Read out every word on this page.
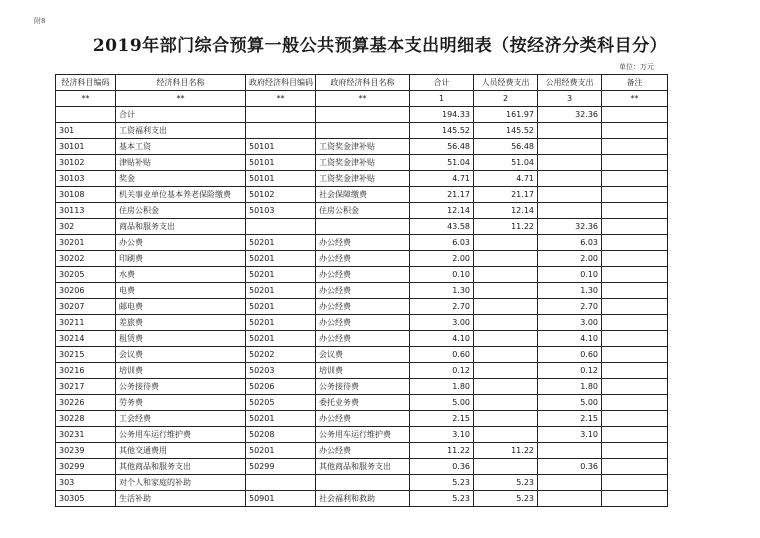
附8
2019年部门综合预算一般公共预算基本支出明细表（按经济分类科目分）
单位：万元
经济科目编码	经济科目名称	政府经济科目编码	政府经济科目名称	合计	人员经费支出	公用经费支出	备注
**	**	**	**	1	2	3	**
	合计			194.33	161.97	32.36	
301	工资福利支出			145.52	145.52		
30101	基本工资	50101	工资奖金津补贴	56.48	56.48		
30102	津贴补贴	50101	工资奖金津补贴	51.04	51.04		
30103	奖金	50101	工资奖金津补贴	4.71	4.71		
30108	机关事业单位基本养老保险缴费	50102	社会保障缴费	21.17	21.17		
30113	住房公积金	50103	住房公积金	12.14	12.14		
302	商品和服务支出			43.58	11.22	32.36	
30201	办公费	50201	办公经费	6.03		6.03	
30202	印刷费	50201	办公经费	2.00		2.00	
30205	水费	50201	办公经费	0.10		0.10	
30206	电费	50201	办公经费	1.30		1.30	
30207	邮电费	50201	办公经费	2.70		2.70	
30211	差旅费	50201	办公经费	3.00		3.00	
30214	租赁费	50201	办公经费	4.10		4.10	
30215	会议费	50202	会议费	0.60		0.60	
30216	培训费	50203	培训费	0.12		0.12	
30217	公务接待费	50206	公务接待费	1.80		1.80	
30226	劳务费	50205	委托业务费	5.00		5.00	
30228	工会经费	50201	办公经费	2.15		2.15	
30231	公务用车运行维护费	50208	公务用车运行维护费	3.10		3.10	
30239	其他交通费用	50201	办公经费	11.22	11.22		
30299	其他商品和服务支出	50299	其他商品和服务支出	0.36		0.36	
303	对个人和家庭的补助			5.23	5.23		
30305	生活补助	50901	社会福利和救助	5.23	5.23		
